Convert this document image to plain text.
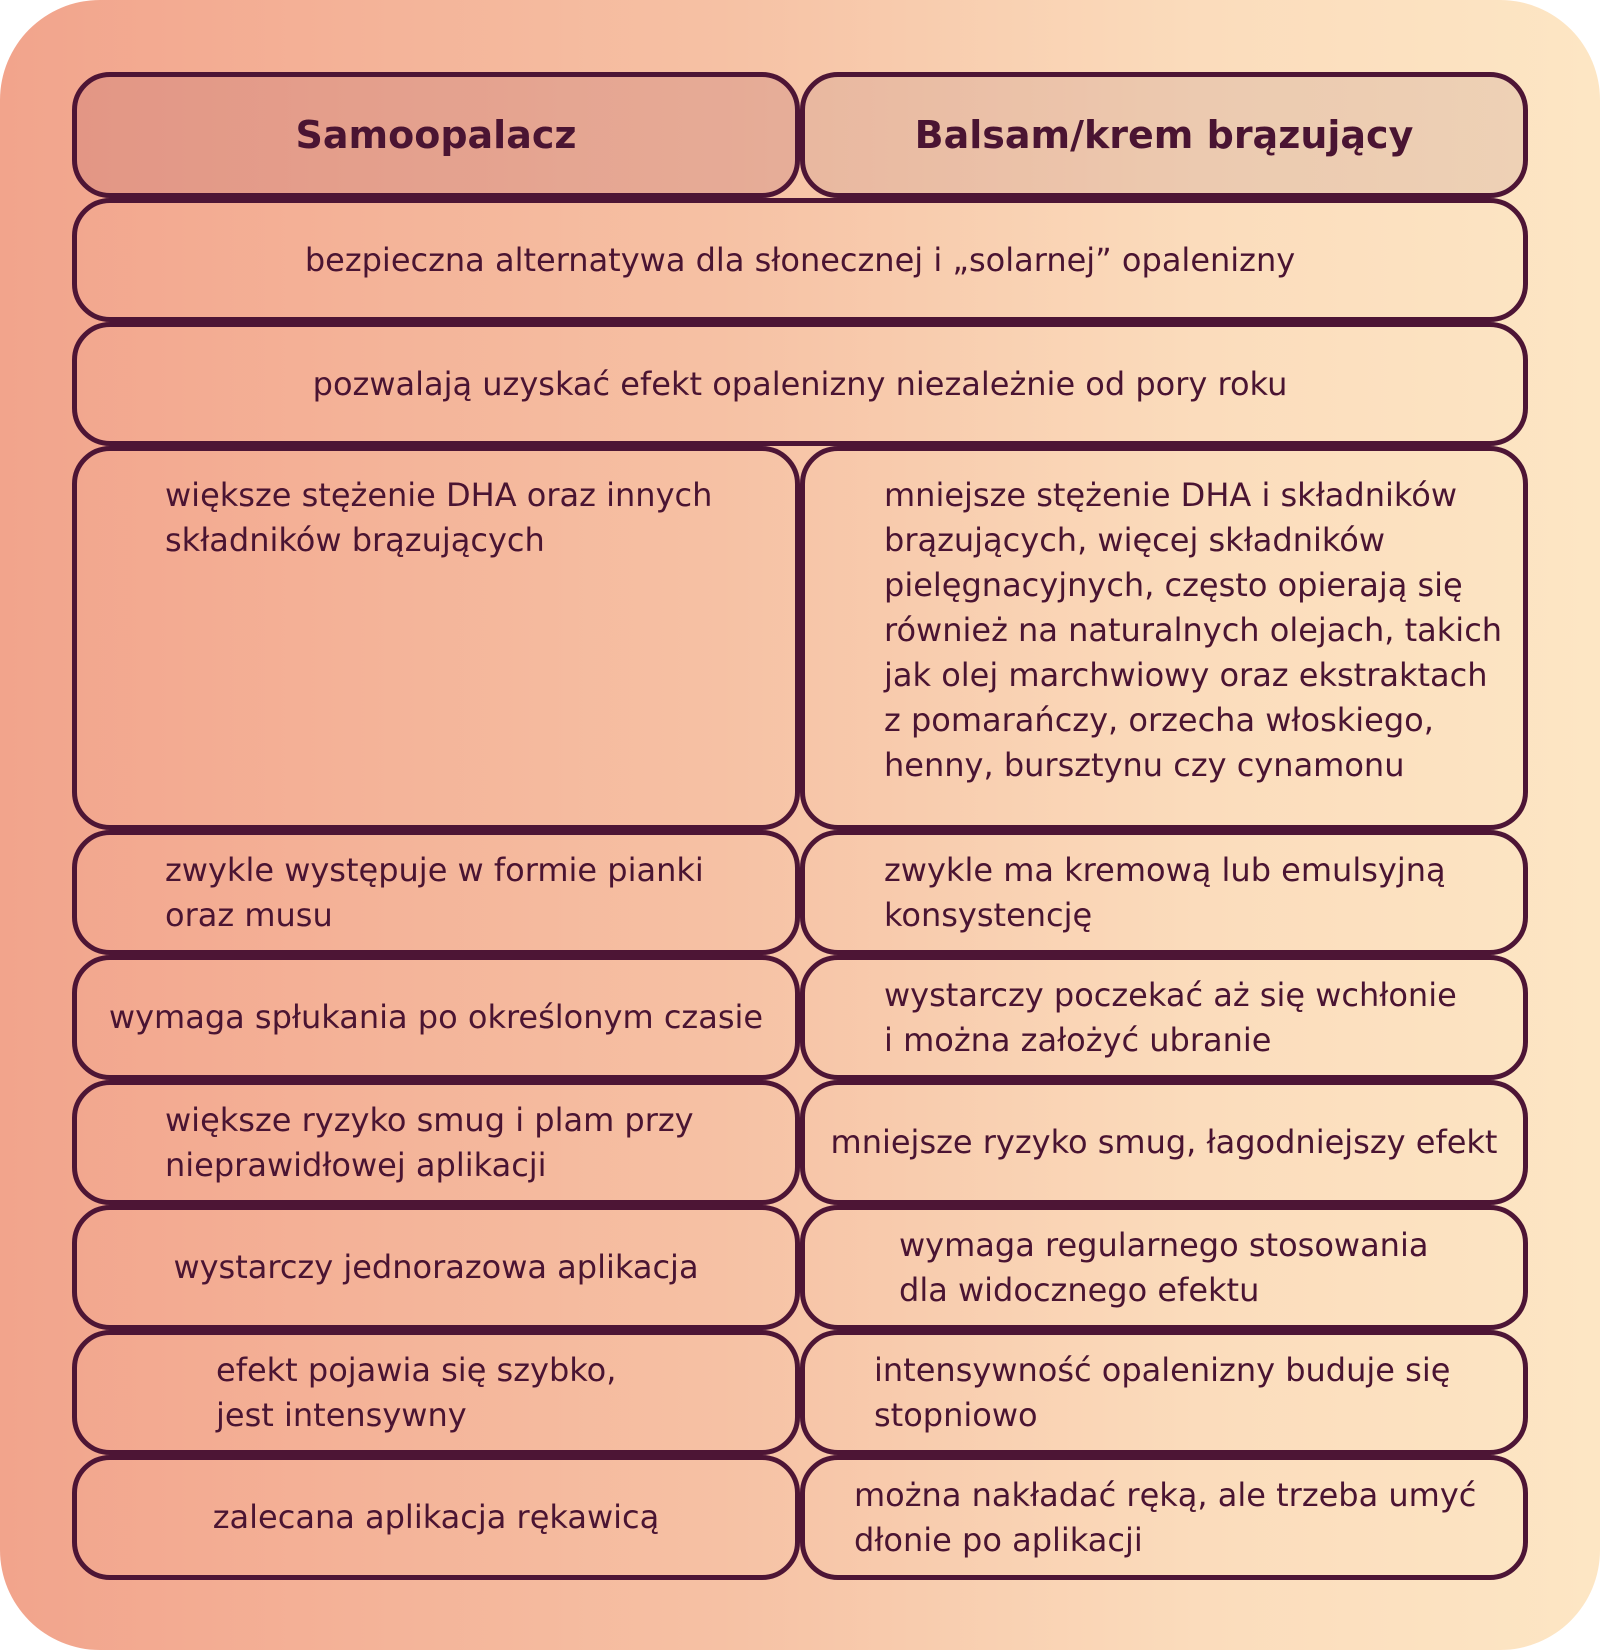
Samoopalacz	Balsam/krem brązujący
bezpieczna alternatywa dla słonecznej i „solarnej” opalenizny
pozwalają uzyskać efekt opalenizny niezależnie od pory roku
większe stężenie DHA oraz innych
składników brązujących
mniejsze stężenie DHA i składników
brązujących, więcej składników
pielęgnacyjnych, często opierają się
również na naturalnych olejach, takich
jak olej marchwiowy oraz ekstraktach
z pomarańczy, orzecha włoskiego,
henny, bursztynu czy cynamonu
zwykle występuje w formie pianki
oraz musu
zwykle ma kremową lub emulsyjną
konsystencję
wymaga spłukania po określonym czasie
wystarczy poczekać aż się wchłonie
i można założyć ubranie
większe ryzyko smug i plam przy
nieprawidłowej aplikacji
mniejsze ryzyko smug, łagodniejszy efekt
wystarczy jednorazowa aplikacja
wymaga regularnego stosowania
dla widocznego efektu
efekt pojawia się szybko,
jest intensywny
intensywność opalenizny buduje się
stopniowo
zalecana aplikacja rękawicą
można nakładać ręką, ale trzeba umyć
dłonie po aplikacji
